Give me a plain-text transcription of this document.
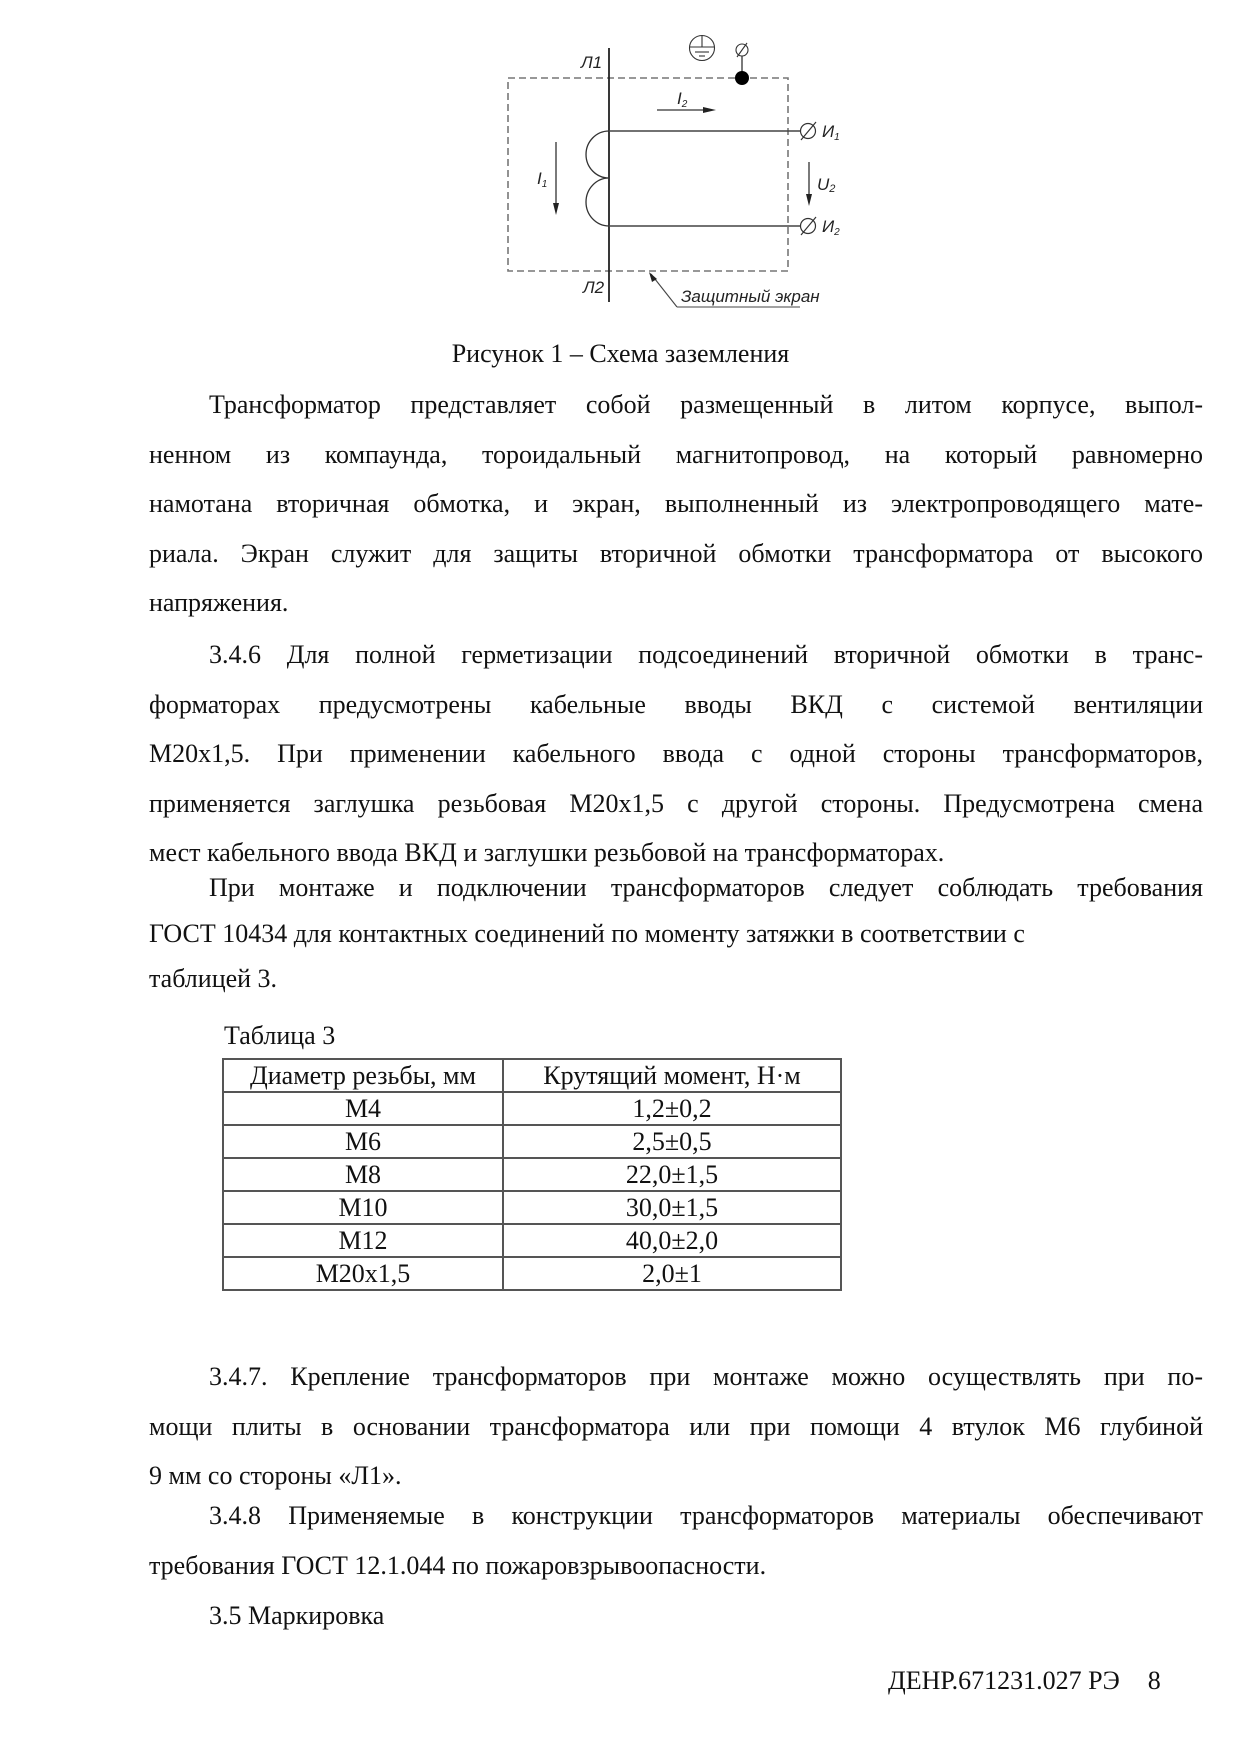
Л1
Л2
I1
I2
U2
И1
И2
Защитный экран
Рисунок 1 – Схема заземления
Трансформатор представляет собой размещенный в литом корпусе, выпол-
ненном из компаунда, тороидальный магнитопровод, на который равномерно
намотана вторичная обмотка, и экран, выполненный из электропроводящего мате-
риала. Экран служит для защиты вторичной обмотки трансформатора от высокого
напряжения.
3.4.6 Для полной герметизации подсоединений вторичной обмотки в транс-
форматорах предусмотрены кабельные вводы ВКД с системой вентиляции
М20х1,5. При применении кабельного ввода с одной стороны трансформаторов,
применяется заглушка резьбовая М20х1,5 с другой стороны. Предусмотрена смена
мест кабельного ввода ВКД и заглушки резьбовой на трансформаторах.
При монтаже и подключении трансформаторов следует соблюдать требования
ГОСТ 10434 для контактных соединений по моменту затяжки в соответствии с
таблицей 3.
Таблица 3
Диаметр резьбы, мм	Крутящий момент, Н·м
М4	1,2±0,2
М6	2,5±0,5
М8	22,0±1,5
М10	30,0±1,5
М12	40,0±2,0
М20х1,5	2,0±1
3.4.7. Крепление трансформаторов при монтаже можно осуществлять при по-
мощи плиты в основании трансформатора или при помощи 4 втулок М6 глубиной
9 мм со стороны «Л1».
3.4.8 Применяемые в конструкции трансформаторов материалы обеспечивают
требования ГОСТ 12.1.044 по пожаровзрывоопасности.
3.5 Маркировка
ДЕНР.671231.027 РЭ 8
